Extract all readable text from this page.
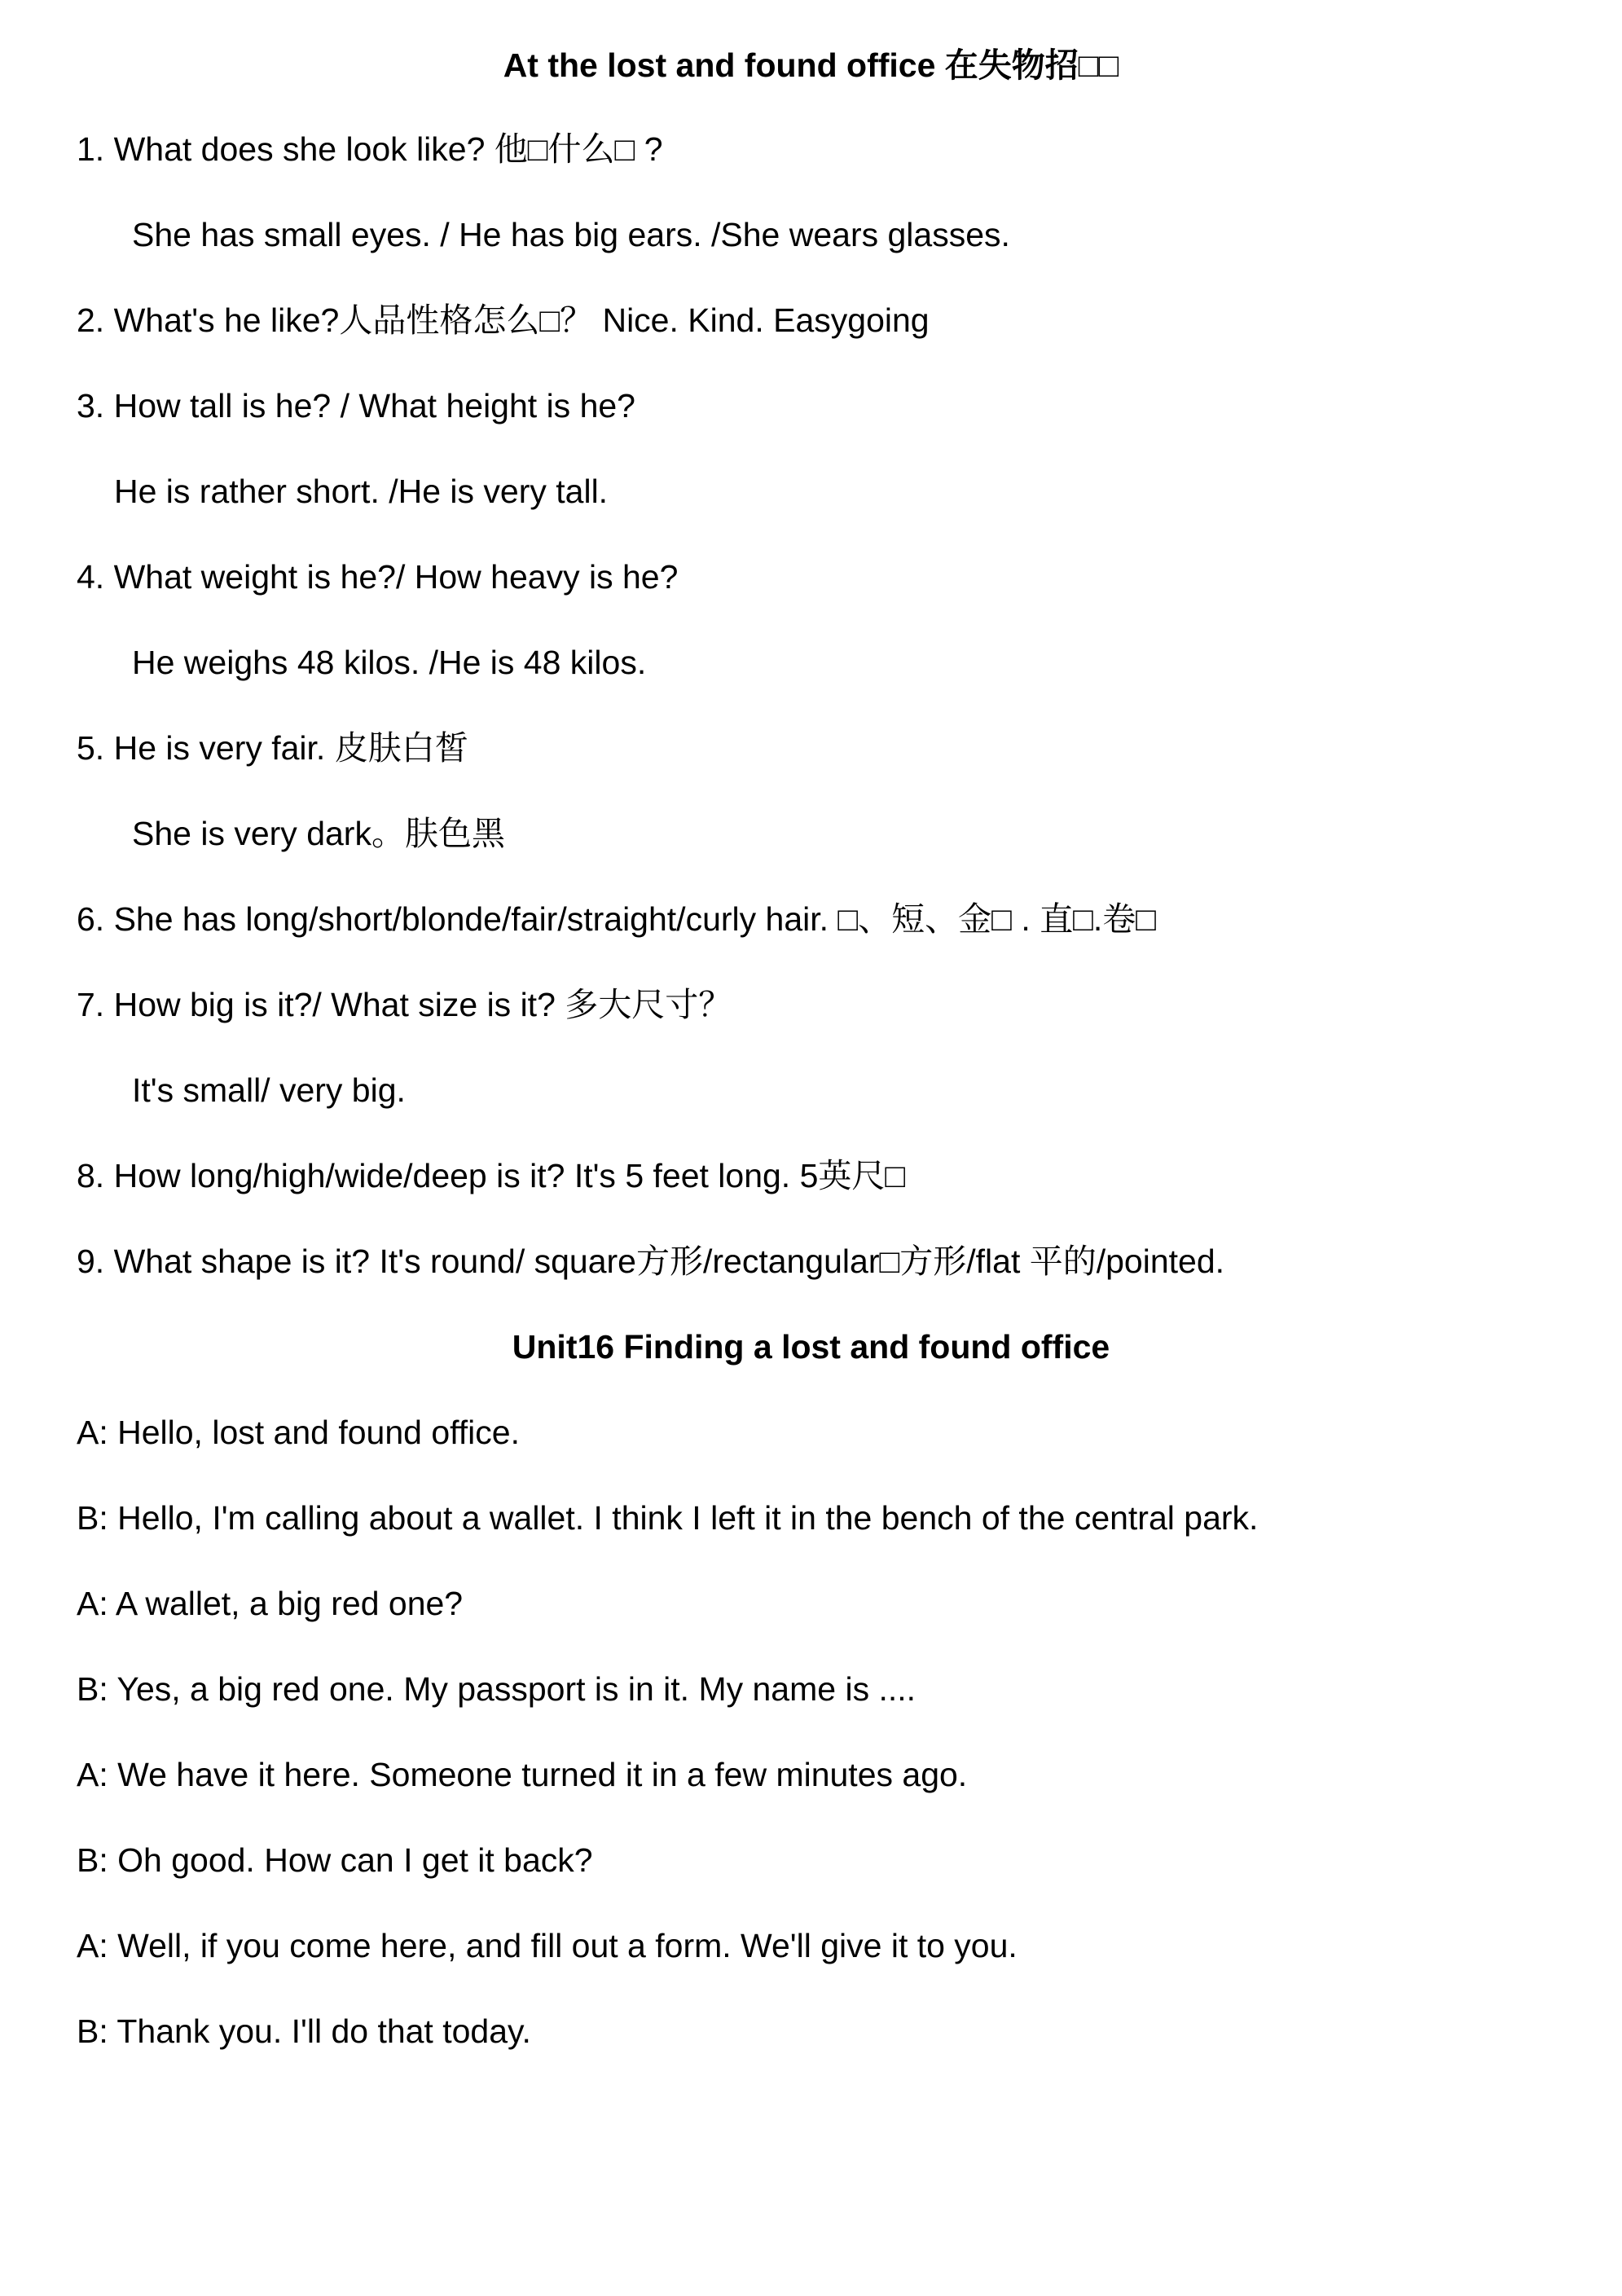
At the lost and found office 在失物招□□
1. What does she look like? 他□什么□ ?
She has small eyes. / He has big ears. /She wears glasses.
2. What's he like?人品性格怎么□？ Nice. Kind. Easygoing
3. How tall is he? / What height is he?
He is rather short. /He is very tall.
4. What weight is he?/ How heavy is he?
He weighs 48 kilos. /He is 48 kilos.
5. He is very fair. 皮肤白皙
She is very dark。肤色黑
6. She has long/short/blonde/fair/straight/curly hair. □、短、金□ . 直□.卷□
7. How big is it?/ What size is it? 多大尺寸？
It's small/ very big.
8. How long/high/wide/deep is it? It's 5 feet long. 5英尺□
9. What shape is it? It's round/ square方形/rectangular□方形/flat 平的/pointed.
Unit16 Finding a lost and found office
A: Hello, lost and found office.
B: Hello, I'm calling about a wallet. I think I left it in the bench of the central park.
A: A wallet, a big red one?
B: Yes, a big red one. My passport is in it. My name is ....
A: We have it here. Someone turned it in a few minutes ago.
B: Oh good. How can I get it back?
A: Well, if you come here, and fill out a form. We'll give it to you.
B: Thank you. I'll do that today.
